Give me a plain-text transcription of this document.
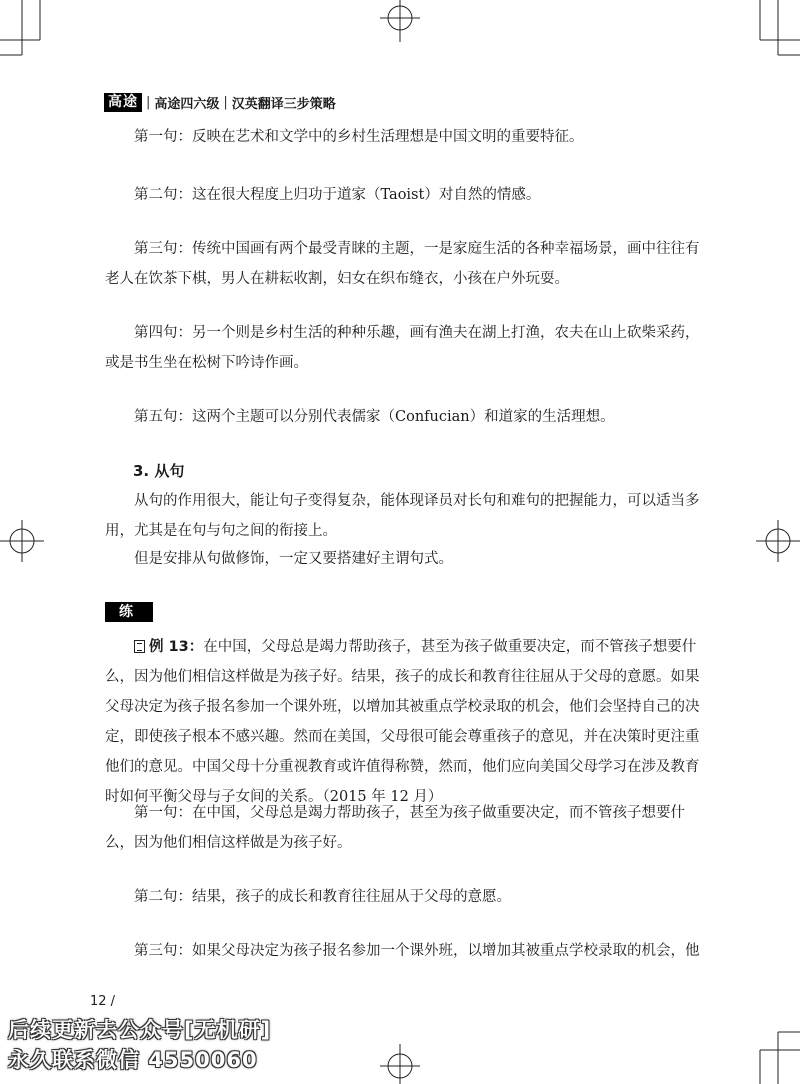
高途 | 高途四六级 | 汉英翻译三步策略
第一句：反映在艺术和文学中的乡村生活理想是中国文明的重要特征。
第二句：这在很大程度上归功于道家（Taoist）对自然的情感。
第三句：传统中国画有两个最受青睐的主题，一是家庭生活的各种幸福场景，画中往往有
老人在饮茶下棋，男人在耕耘收割，妇女在织布缝衣，小孩在户外玩耍。
第四句：另一个则是乡村生活的种种乐趣，画有渔夫在湖上打渔，农夫在山上砍柴采药，
或是书生坐在松树下吟诗作画。
第五句：这两个主题可以分别代表儒家（Confucian）和道家的生活理想。
3. 从句
从句的作用很大，能让句子变得复杂，能体现译员对长句和难句的把握能力，可以适当多
用，尤其是在句与句之间的衔接上。
但是安排从句做修饰，一定又要搭建好主谓句式。
练 习
例 13：在中国，父母总是竭力帮助孩子，甚至为孩子做重要决定，而不管孩子想要什
么，因为他们相信这样做是为孩子好。结果，孩子的成长和教育往往屈从于父母的意愿。如果
父母决定为孩子报名参加一个课外班，以增加其被重点学校录取的机会，他们会坚持自己的决
定，即使孩子根本不感兴趣。然而在美国，父母很可能会尊重孩子的意见，并在决策时更注重
他们的意见。中国父母十分重视教育或许值得称赞，然而，他们应向美国父母学习在涉及教育
时如何平衡父母与子女间的关系。（2015 年 12 月）
第一句：在中国，父母总是竭力帮助孩子，甚至为孩子做重要决定，而不管孩子想要什
么，因为他们相信这样做是为孩子好。
第二句：结果，孩子的成长和教育往往屈从于父母的意愿。
第三句：如果父母决定为孩子报名参加一个课外班，以增加其被重点学校录取的机会，他
12 /
后续更新去公众号[无机研]
永久联系微信 4550060
